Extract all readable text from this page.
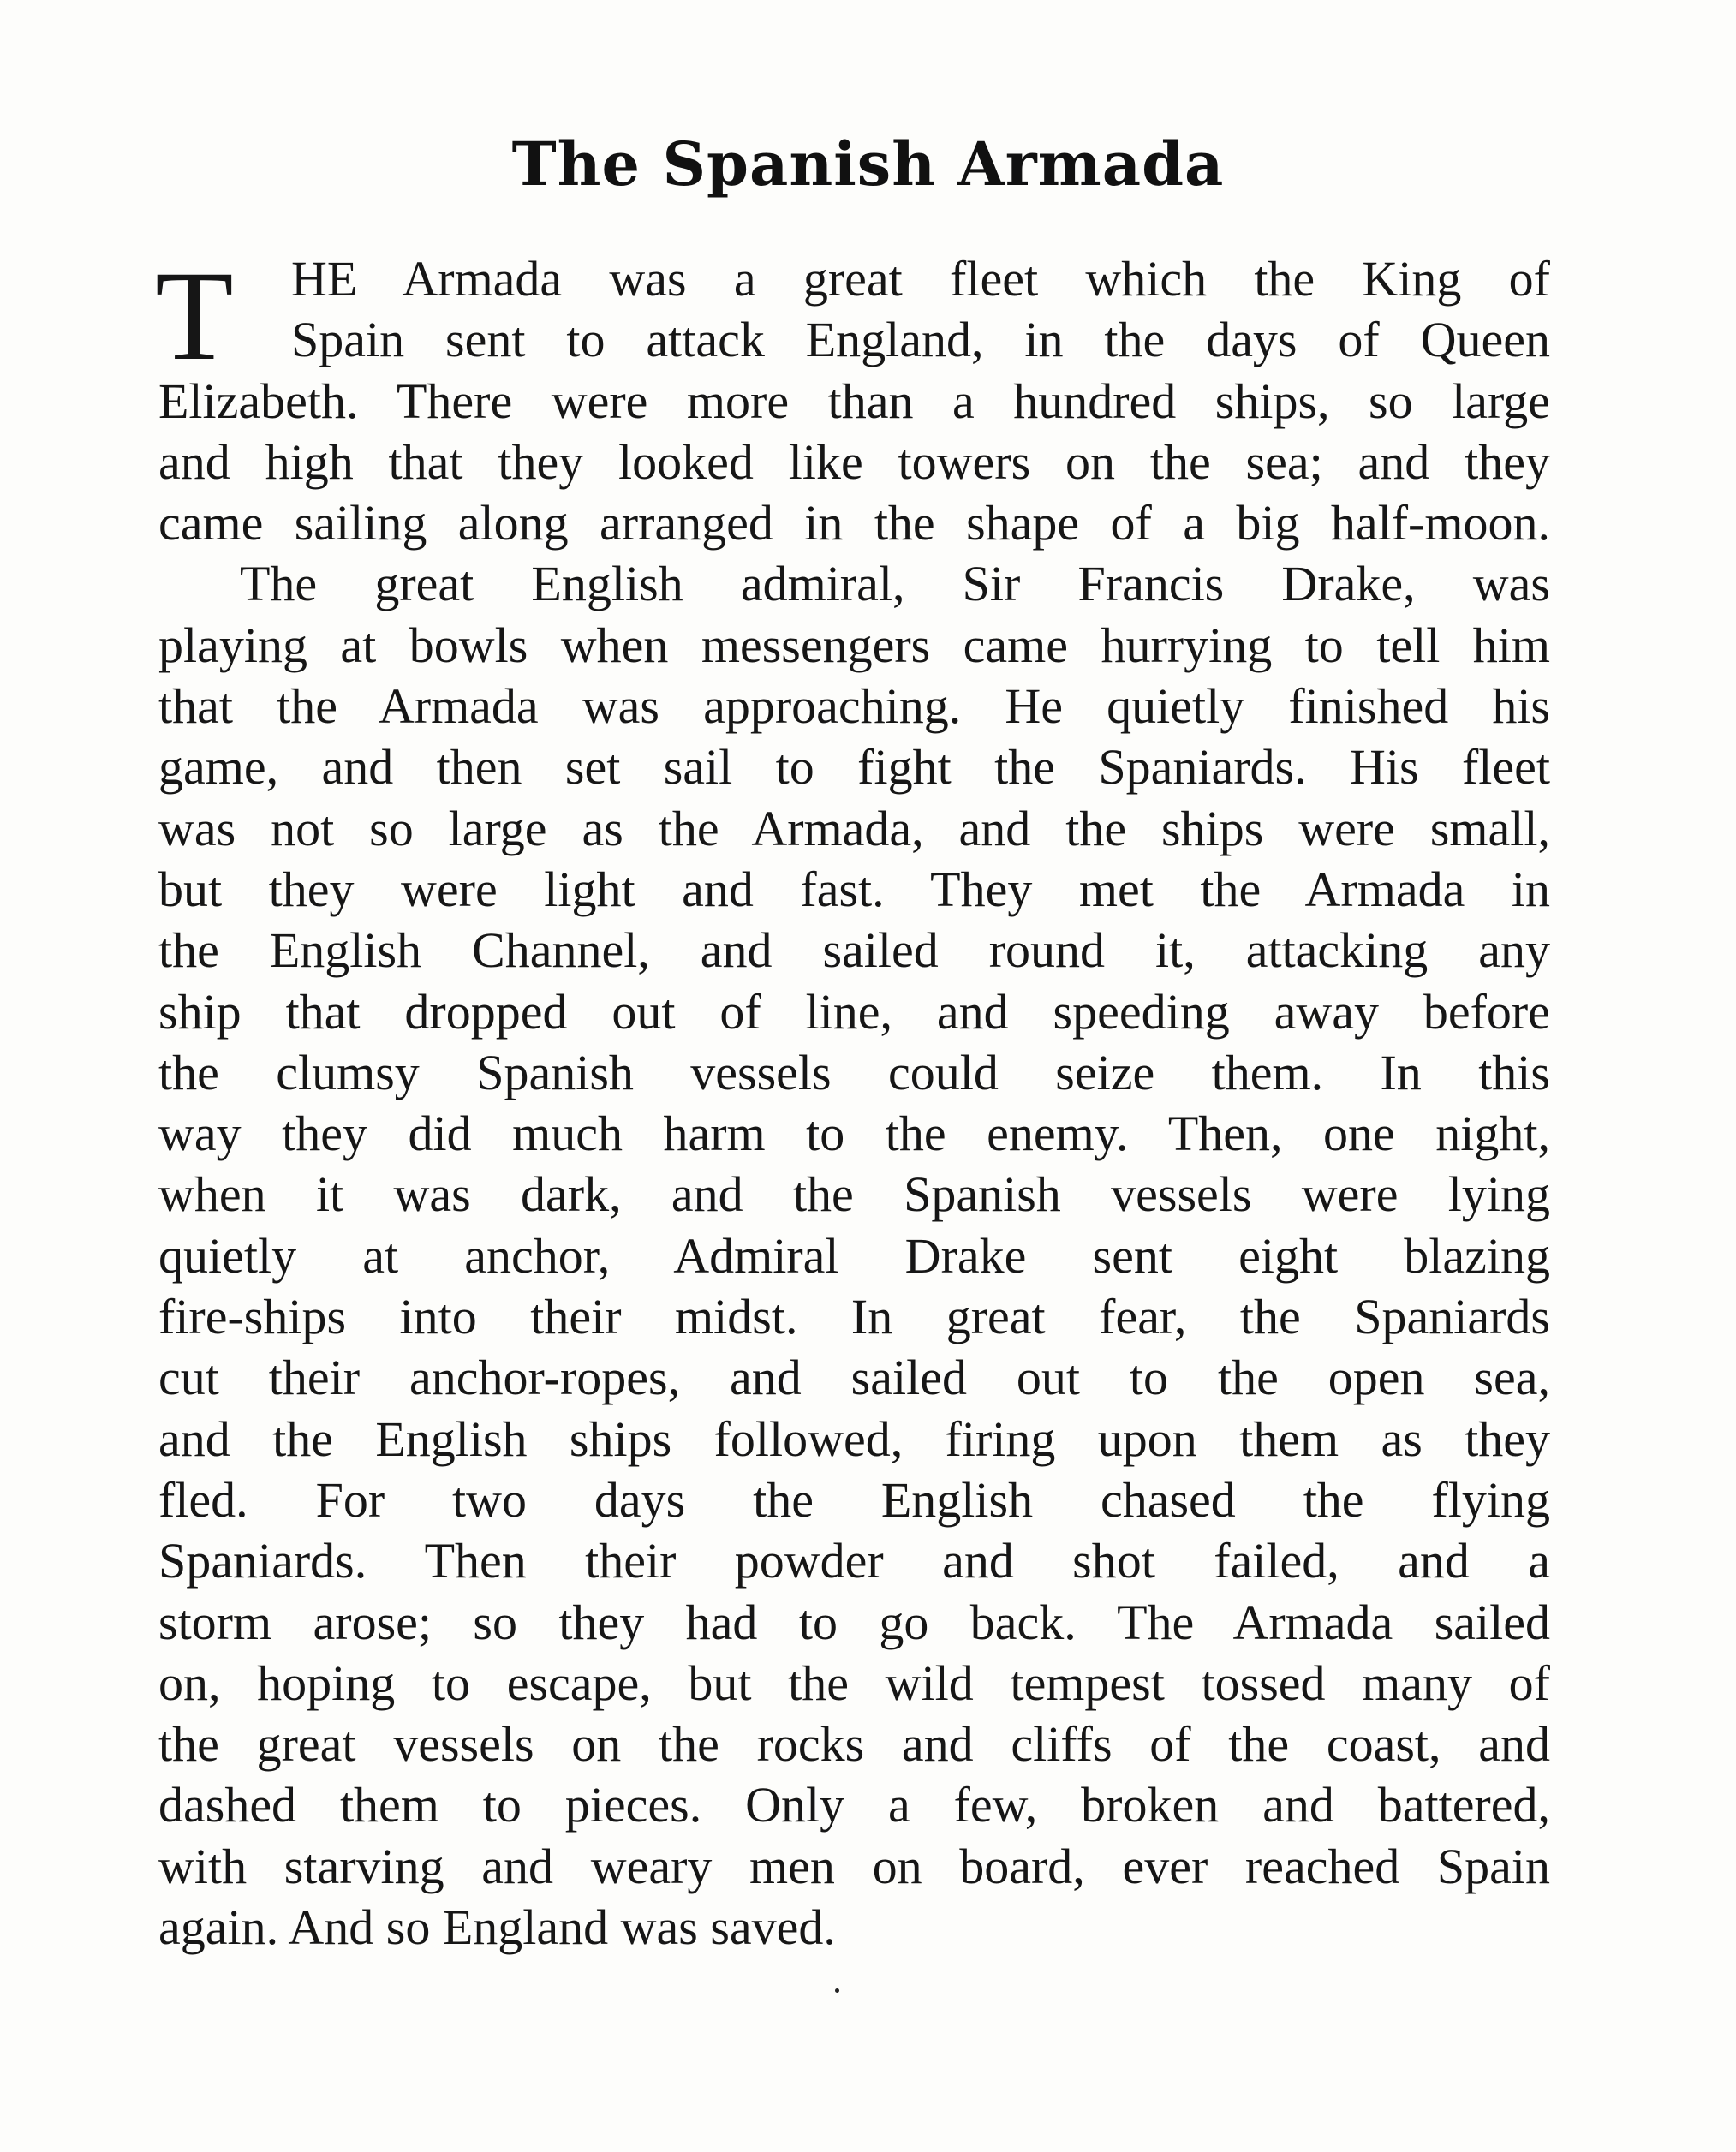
The Spanish Armada
T	HE Armada was a great fleet which the King of
Spain sent to attack England, in the days of Queen
Elizabeth. There were more than a hundred ships, so large
and high that they looked like towers on the sea; and they
came sailing along arranged in the shape of a big half-moon.
The great English admiral, Sir Francis Drake, was
playing at bowls when messengers came hurrying to tell him
that the Armada was approaching. He quietly finished his
game, and then set sail to fight the Spaniards. His fleet
was not so large as the Armada, and the ships were small,
but they were light and fast. They met the Armada in
the English Channel, and sailed round it, attacking any
ship that dropped out of line, and speeding away before
the clumsy Spanish vessels could seize them. In this
way they did much harm to the enemy. Then, one night,
when it was dark, and the Spanish vessels were lying
quietly at anchor, Admiral Drake sent eight blazing
fire-ships into their midst. In great fear, the Spaniards
cut their anchor-ropes, and sailed out to the open sea,
and the English ships followed, firing upon them as they
fled. For two days the English chased the flying
Spaniards. Then their powder and shot failed, and a
storm arose; so they had to go back. The Armada sailed
on, hoping to escape, but the wild tempest tossed many of
the great vessels on the rocks and cliffs of the coast, and
dashed them to pieces. Only a few, broken and battered,
with starving and weary men on board, ever reached Spain
again. And so England was saved.
